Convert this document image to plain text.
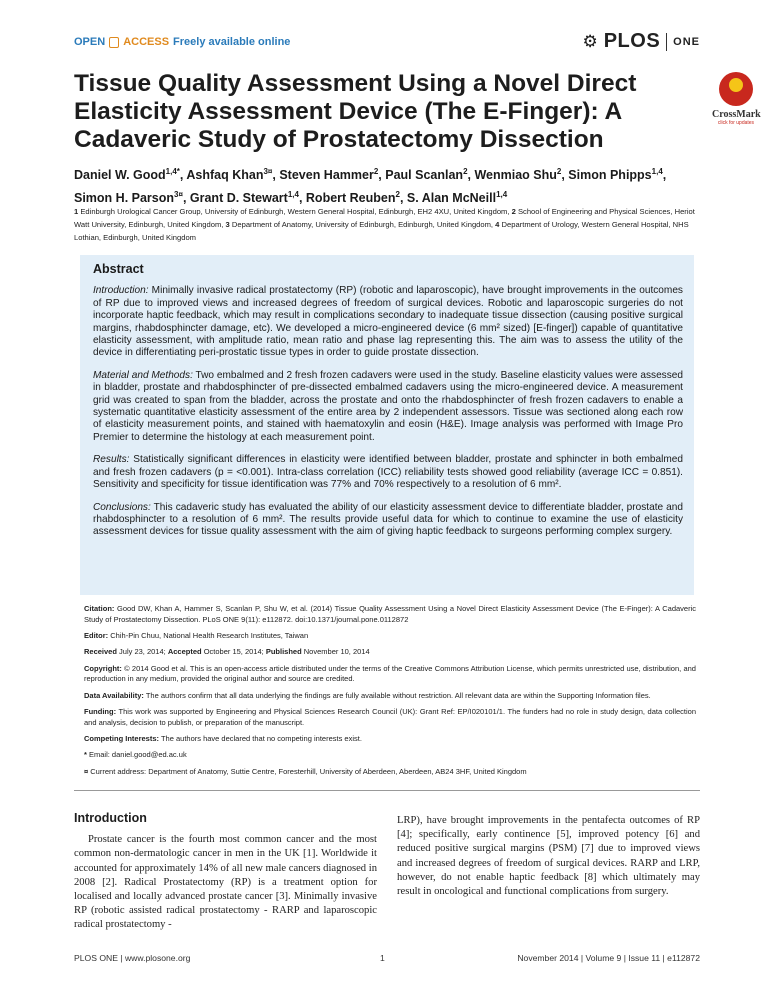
OPEN ACCESS Freely available online	⚙ PLOS ONE
Tissue Quality Assessment Using a Novel Direct Elasticity Assessment Device (The E-Finger): A Cadaveric Study of Prostatectomy Dissection
CrossMark
click for updates
Daniel W. Good$^{1,4*}$, Ashfaq Khan$^{3¤}$, Steven Hammer$^2$, Paul Scanlan$^2$, Wenmiao Shu$^2$, Simon Phipps$^{1,4}$, Simon H. Parson$^{3¤}$, Grant D. Stewart$^{1,4}$, Robert Reuben$^2$, S. Alan McNeill$^{1,4}$
1 Edinburgh Urological Cancer Group, University of Edinburgh, Western General Hospital, Edinburgh, EH2 4XU, United Kingdom, 2 School of Engineering and Physical Sciences, Heriot Watt University, Edinburgh, United Kingdom, 3 Department of Anatomy, University of Edinburgh, Edinburgh, United Kingdom, 4 Department of Urology, Western General Hospital, NHS Lothian, Edinburgh, United Kingdom
Abstract

Introduction: Minimally invasive radical prostatectomy (RP) (robotic and laparoscopic), have brought improvements in the outcomes of RP due to improved views and increased degrees of freedom of surgical devices. Robotic and laparoscopic surgeries do not incorporate haptic feedback, which may result in complications secondary to inadequate tissue dissection (causing positive surgical margins, rhabdosphincter damage, etc). We developed a micro-engineered device (6 mm² sized) [E-finger]) capable of quantitative elasticity assessment, with amplitude ratio, mean ratio and phase lag representing this. The aim was to assess the utility of the device in differentiating peri-prostatic tissue types in order to guide prostate dissection.

Material and Methods: Two embalmed and 2 fresh frozen cadavers were used in the study. Baseline elasticity values were assessed in bladder, prostate and rhabdosphincter of pre-dissected embalmed cadavers using the micro-engineered device. A measurement grid was created to span from the bladder, across the prostate and onto the rhabdosphincter of fresh frozen cadavers to enable a systematic quantitative elasticity assessment of the entire area by 2 independent assessors. Tissue was sectioned along each row of elasticity measurement points, and stained with haematoxylin and eosin (H&E). Image analysis was performed with Image Pro Premier to determine the histology at each measurement point.

Results: Statistically significant differences in elasticity were identified between bladder, prostate and sphincter in both embalmed and fresh frozen cadavers (p = <0.001). Intra-class correlation (ICC) reliability tests showed good reliability (average ICC = 0.851). Sensitivity and specificity for tissue identification was 77% and 70% respectively to a resolution of 6 mm².

Conclusions: This cadaveric study has evaluated the ability of our elasticity assessment device to differentiate bladder, prostate and rhabdosphincter to a resolution of 6 mm². The results provide useful data for which to continue to examine the use of elasticity assessment devices for tissue quality assessment with the aim of giving haptic feedback to surgeons performing complex surgery.

Citation: Good DW, Khan A, Hammer S, Scanlan P, Shu W, et al. (2014) Tissue Quality Assessment Using a Novel Direct Elasticity Assessment Device (The E-Finger): A Cadaveric Study of Prostatectomy Dissection. PLoS ONE 9(11): e112872. doi:10.1371/journal.pone.0112872

Editor: Chih-Pin Chuu, National Health Research Institutes, Taiwan

Received July 23, 2014; Accepted October 15, 2014; Published November 10, 2014

Copyright: © 2014 Good et al. This is an open-access article distributed under the terms of the Creative Commons Attribution License, which permits unrestricted use, distribution, and reproduction in any medium, provided the original author and source are credited.

Data Availability: The authors confirm that all data underlying the findings are fully available without restriction. All relevant data are within the Supporting Information files.

Funding: This work was supported by Engineering and Physical Sciences Research Council (UK): Grant Ref: EP/I020101/1. The funders had no role in study design, data collection and analysis, decision to publish, or preparation of the manuscript.

Competing Interests: The authors have declared that no competing interests exist.

* Email: daniel.good@ed.ac.uk

¤ Current address: Department of Anatomy, Suttie Centre, Foresterhill, University of Aberdeen, Aberdeen, AB24 3HF, United Kingdom

Introduction

Prostate cancer is the fourth most common cancer and the most common non-dermatologic cancer in men in the UK [1]. Worldwide it accounted for approximately 14% of all new male cancers diagnosed in 2008 [2]. Radical Prostatectomy (RP) is a treatment option for localised and locally advanced prostate cancer [3]. Minimally invasive RP (robotic assisted radical prostatectomy - RARP and laparoscopic radical prostatectomy -

LRP), have brought improvements in the pentafecta outcomes of RP [4]; specifically, early continence [5], improved potency [6] and reduced positive surgical margins (PSM) [7] due to improved views and increased degrees of freedom of surgical devices. RARP and LRP, however, do not enable haptic feedback [8] which ultimately may result in oncological and functional complications from surgery.

PLOS ONE | www.plosone.org	1	November 2014 | Volume 9 | Issue 11 | e112872
